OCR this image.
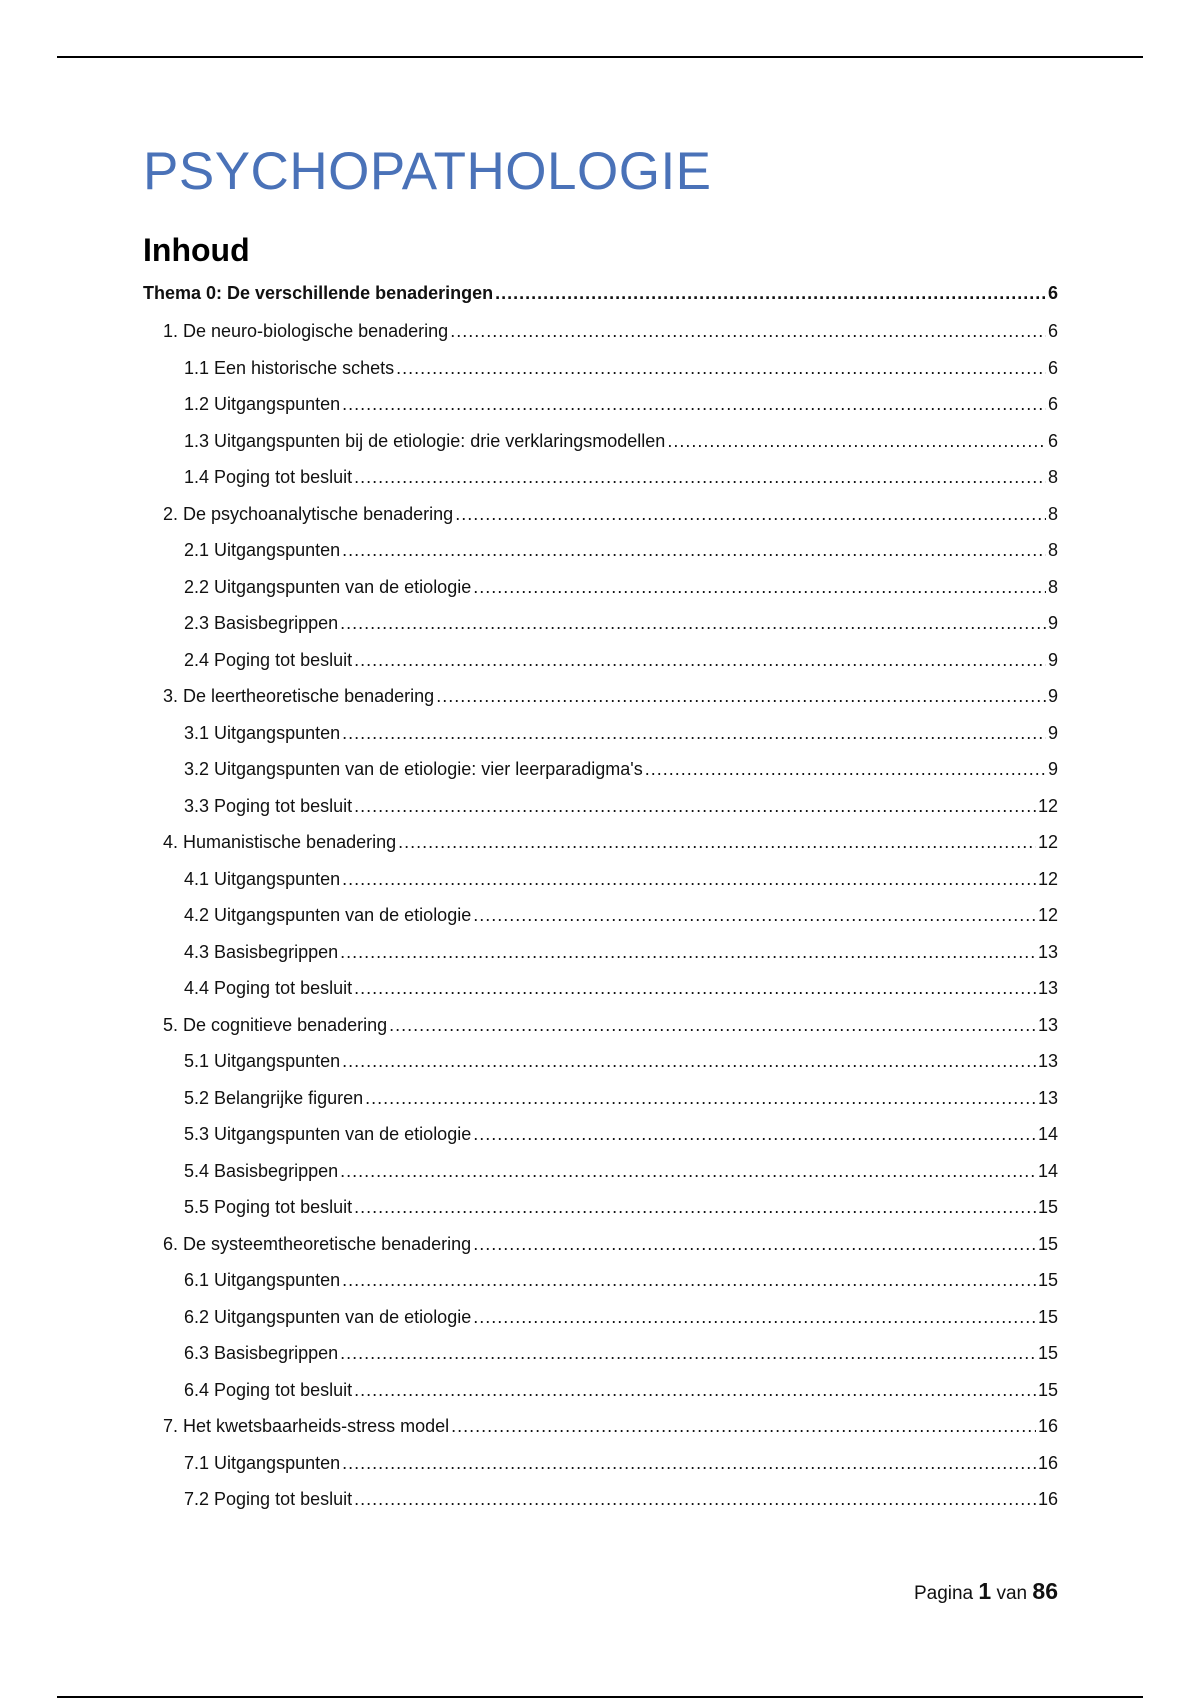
PSYCHOPATHOLOGIE
Inhoud
Thema 0: De verschillende benaderingen .....	6
1. De neuro-biologische benadering .....	6
1.1 Een historische schets .....	6
1.2 Uitgangspunten .....	6
1.3 Uitgangspunten bij de etiologie: drie verklaringsmodellen .....	6
1.4 Poging tot besluit .....	8
2. De psychoanalytische benadering .....	8
2.1 Uitgangspunten .....	8
2.2 Uitgangspunten van de etiologie .....	8
2.3 Basisbegrippen .....	9
2.4 Poging tot besluit .....	9
3. De leertheoretische benadering .....	9
3.1 Uitgangspunten .....	9
3.2 Uitgangspunten van de etiologie: vier leerparadigma's .....	9
3.3 Poging tot besluit .....	12
4. Humanistische benadering .....	12
4.1 Uitgangspunten .....	12
4.2 Uitgangspunten van de etiologie .....	12
4.3 Basisbegrippen .....	13
4.4 Poging tot besluit .....	13
5. De cognitieve benadering .....	13
5.1 Uitgangspunten .....	13
5.2 Belangrijke figuren .....	13
5.3 Uitgangspunten van de etiologie .....	14
5.4 Basisbegrippen .....	14
5.5 Poging tot besluit .....	15
6. De systeemtheoretische benadering .....	15
6.1 Uitgangspunten .....	15
6.2 Uitgangspunten van de etiologie .....	15
6.3 Basisbegrippen .....	15
6.4 Poging tot besluit .....	15
7. Het kwetsbaarheids-stress model .....	16
7.1 Uitgangspunten .....	16
7.2 Poging tot besluit .....	16
Pagina 1 van 86
